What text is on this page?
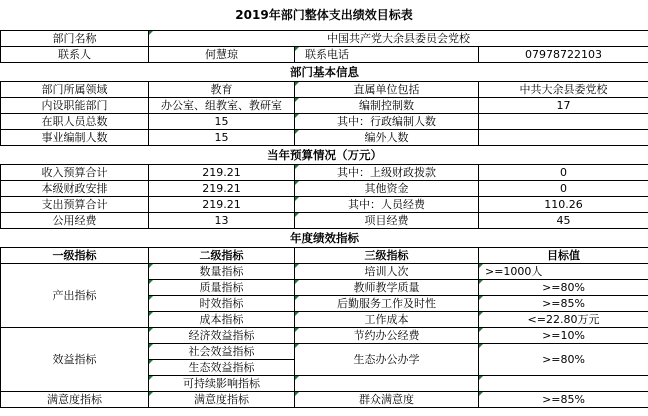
2019年部门整体支出绩效目标表
部门名称	中国共产党大余县委员会党校		
联系人	何慧琼	联系电话	07978722103
部门基本信息			
部门所属领域	教育	直属单位包括	中共大余县委党校
内设职能部门	办公室、组教室、教研室	编制控制数	17
在职人员总数	15	其中：行政编制人数	
事业编制人数	15	编外人数	
当年预算情况（万元）			
收入预算合计	219.21	其中：上级财政拨款	0
本级财政安排	219.21	其他资金	0
支出预算合计	219.21	其中：人员经费	110.26
公用经费	13	项目经费	45
年度绩效指标			
一级指标	二级指标	三级指标	目标值
产出指标	数量指标	培训人次	>=1000人
	质量指标	教师教学质量	>=80%
	时效指标	后勤服务工作及时性	>=85%
	成本指标	工作成本	<=22.80万元
效益指标	经济效益指标	节约办公经费	>=10%
	社会效益指标	生态办公办学	>=80%
	生态效益指标		
	可持续影响指标		
满意度指标	满意度指标	群众满意度	>=85%
